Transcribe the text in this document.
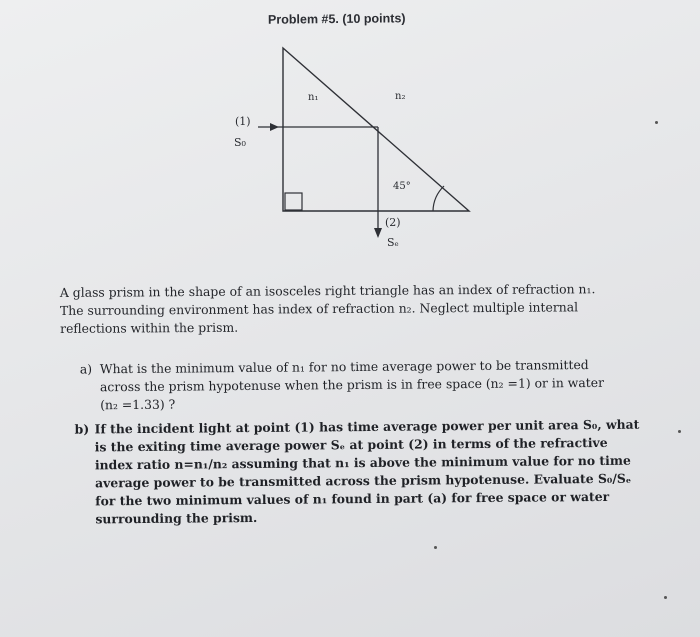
Problem #5. (10 points)
n₁	n₂
(1)
S₀
45°
(2)
Sₑ
A glass prism in the shape of an isosceles right triangle has an index of refraction n₁. The surrounding environment has index of refraction n₂. Neglect multiple internal reflections within the prism.
a) What is the minimum value of n₁ for no time average power to be transmitted across the prism hypotenuse when the prism is in free space (n₂ =1) or in water (n₂ =1.33) ?
b) If the incident light at point (1) has time average power per unit area S₀, what is the exiting time average power Sₑ at point (2) in terms of the refractive index ratio n=n₁/n₂ assuming that n₁ is above the minimum value for no time average power to be transmitted across the prism hypotenuse. Evaluate S₀/Sₑ for the two minimum values of n₁ found in part (a) for free space or water surrounding the prism.
